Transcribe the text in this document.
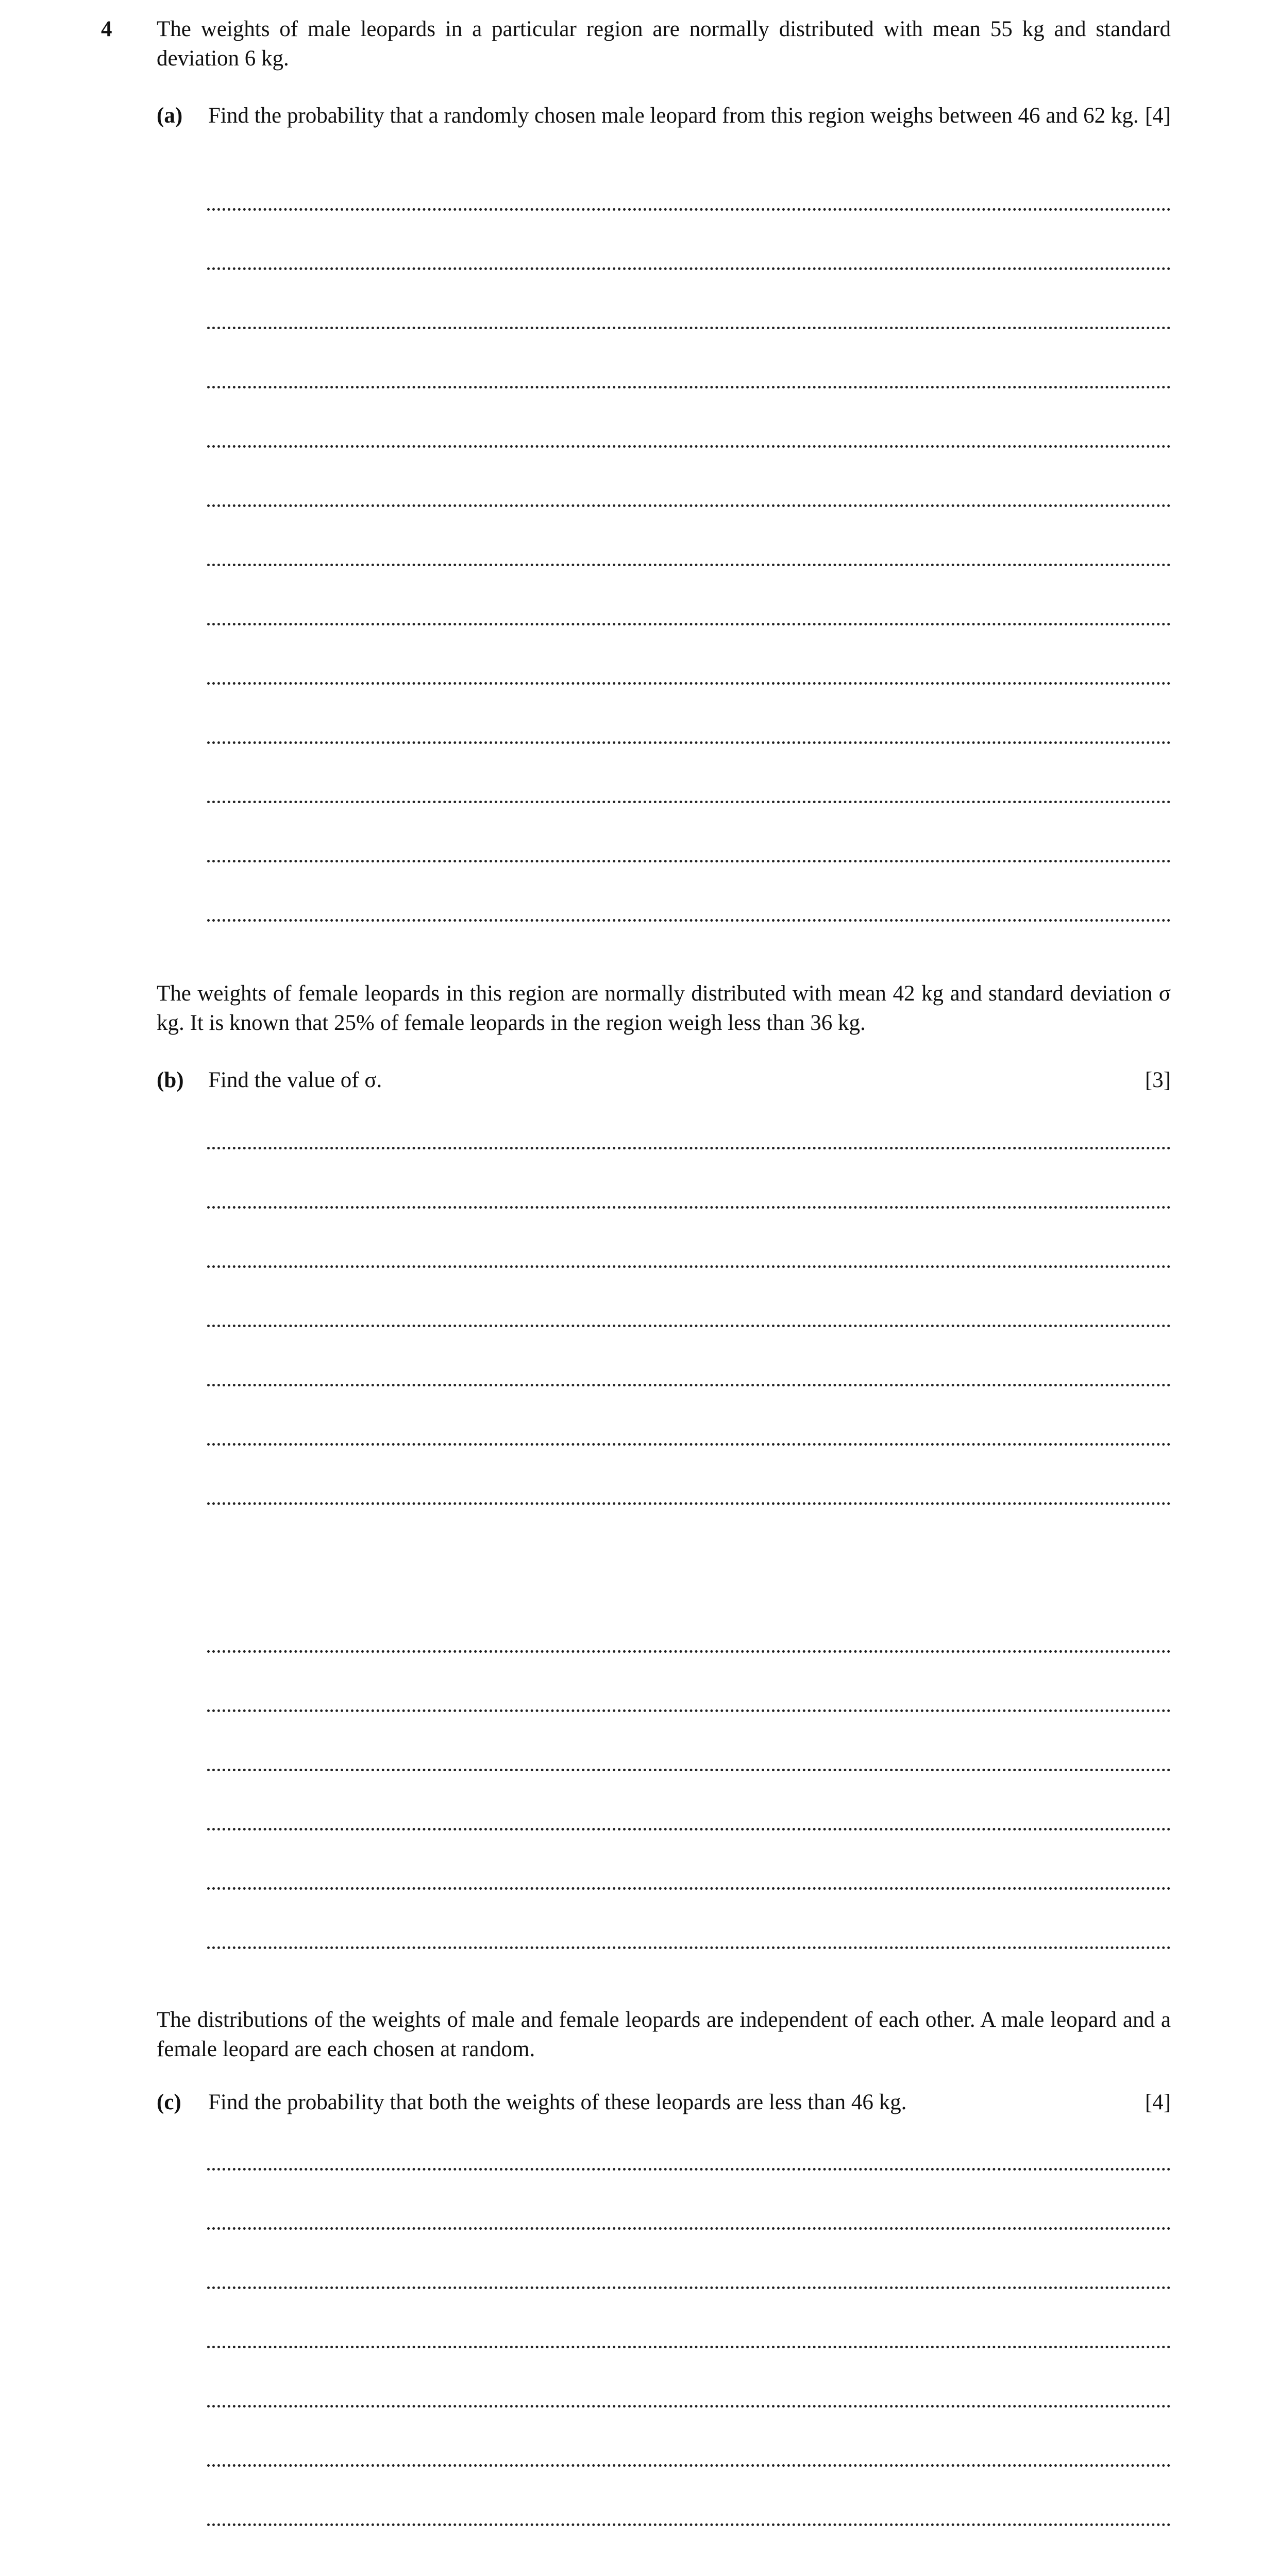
4 The weights of male leopards in a particular region are normally distributed with mean 55 kg and standard deviation 6 kg.
(a) Find the probability that a randomly chosen male leopard from this region weighs between 46 and 62 kg. [4]
The weights of female leopards in this region are normally distributed with mean 42 kg and standard deviation σ kg. It is known that 25% of female leopards in the region weigh less than 36 kg.
(b) Find the value of σ.	[3]
The distributions of the weights of male and female leopards are independent of each other. A male leopard and a female leopard are each chosen at random.
(c) Find the probability that both the weights of these leopards are less than 46 kg.	[4]
